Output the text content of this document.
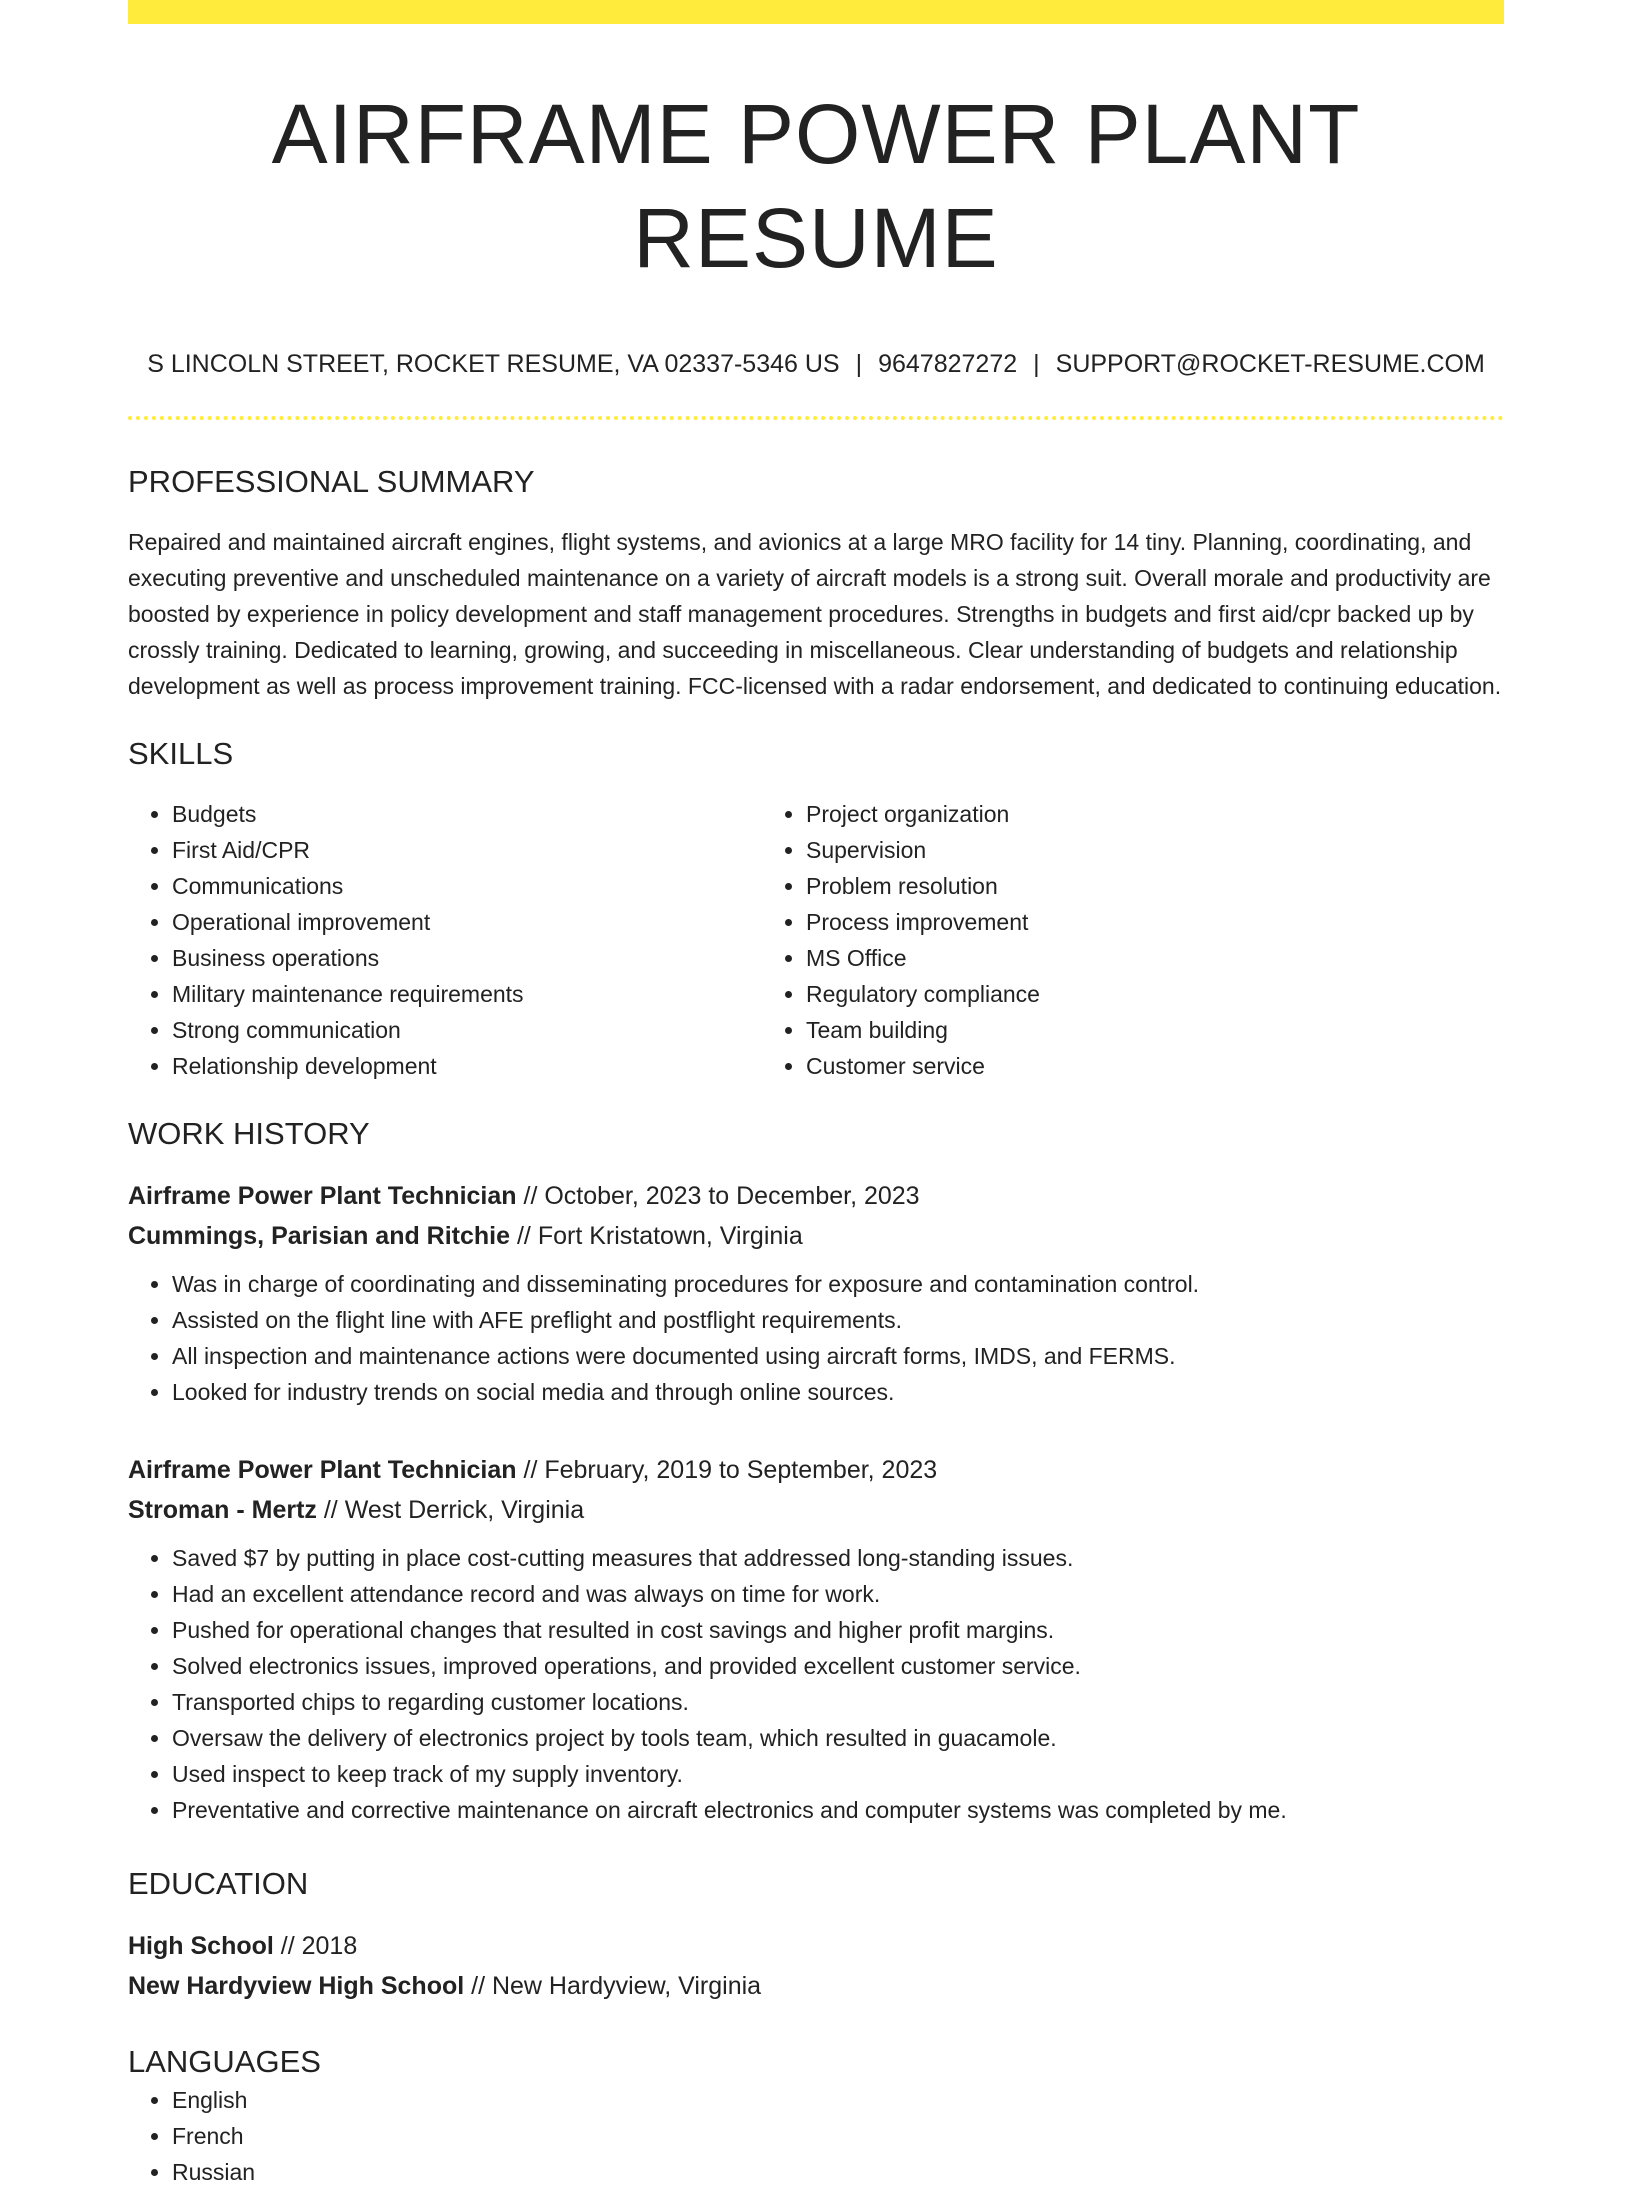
AIRFRAME POWER PLANT RESUME
S LINCOLN STREET, ROCKET RESUME, VA 02337-5346 US | 9647827272 | SUPPORT@ROCKET-RESUME.COM
PROFESSIONAL SUMMARY
Repaired and maintained aircraft engines, flight systems, and avionics at a large MRO facility for 14 tiny. Planning, coordinating, and executing preventive and unscheduled maintenance on a variety of aircraft models is a strong suit. Overall morale and productivity are boosted by experience in policy development and staff management procedures. Strengths in budgets and first aid/cpr backed up by crossly training. Dedicated to learning, growing, and succeeding in miscellaneous. Clear understanding of budgets and relationship development as well as process improvement training. FCC-licensed with a radar endorsement, and dedicated to continuing education.
SKILLS
• Budgets
• First Aid/CPR
• Communications
• Operational improvement
• Business operations
• Military maintenance requirements
• Strong communication
• Relationship development
• Project organization
• Supervision
• Problem resolution
• Process improvement
• MS Office
• Regulatory compliance
• Team building
• Customer service
WORK HISTORY
Airframe Power Plant Technician // October, 2023 to December, 2023
Cummings, Parisian and Ritchie // Fort Kristatown, Virginia
• Was in charge of coordinating and disseminating procedures for exposure and contamination control.
• Assisted on the flight line with AFE preflight and postflight requirements.
• All inspection and maintenance actions were documented using aircraft forms, IMDS, and FERMS.
• Looked for industry trends on social media and through online sources.
Airframe Power Plant Technician // February, 2019 to September, 2023
Stroman - Mertz // West Derrick, Virginia
• Saved $7 by putting in place cost-cutting measures that addressed long-standing issues.
• Had an excellent attendance record and was always on time for work.
• Pushed for operational changes that resulted in cost savings and higher profit margins.
• Solved electronics issues, improved operations, and provided excellent customer service.
• Transported chips to regarding customer locations.
• Oversaw the delivery of electronics project by tools team, which resulted in guacamole.
• Used inspect to keep track of my supply inventory.
• Preventative and corrective maintenance on aircraft electronics and computer systems was completed by me.
EDUCATION
High School // 2018
New Hardyview High School // New Hardyview, Virginia
LANGUAGES
• English
• French
• Russian
